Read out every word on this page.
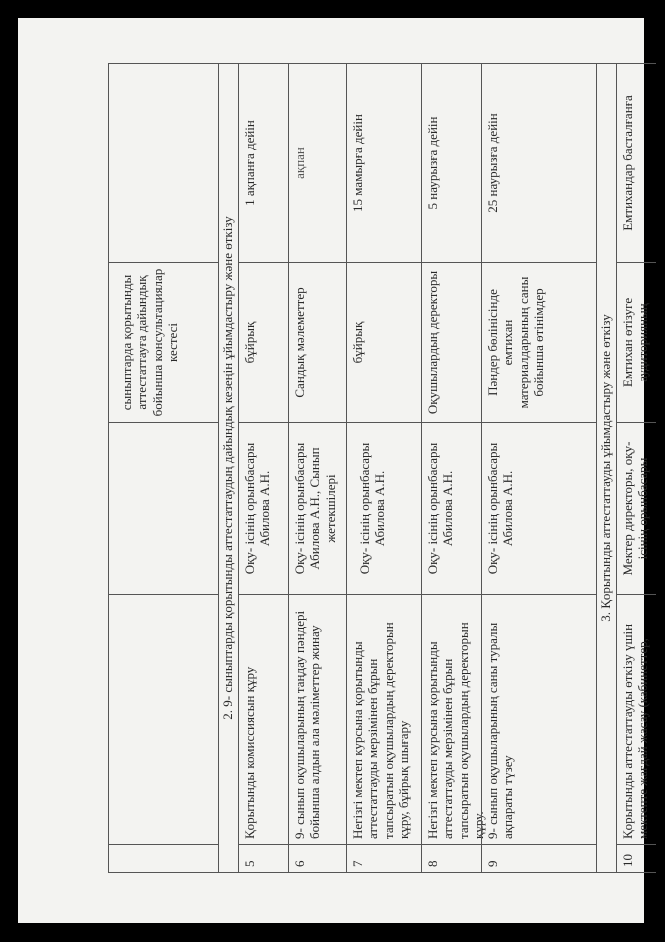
сыныптарда қорытынды аттестаттауға дайындық бойынша консультациялар кестесі	2. 9- сыныптарды қорытынды аттестаттаудың дайындық кезеңін ұйымдастыру және өткізу
5
Қорытынды комиссиясын құру
Оқу- ісінің орынбасары Абилова А.Н.
бұйрық
1 ақпанға дейін
6
9- сынып оқушыларының таңдау пәндері бойынша алдын ала мәліметтер жинау
Оқу- ісінің орынбасары Абилова А.Н., Сынып жетекшілері
Сандық мәлеметтер
ақпан
7
Негізгі мектеп курсына қорытынды аттестаттауды мерзімінен бұрын тапсыратын оқушылардың деректорын құру, бұйрық шығару
Оқу- ісінің орынбасары Абилова А.Н.
бұйрық
15 мамырға дейін
8
Негізгі мектеп курсына қорытынды аттестаттауды мерзімінен бұрын тапсыратын оқушылардың деректорын құру.
Оқу- ісінің орынбасары Абилова А.Н.
Оқушылардың деректоры
5 наурызға дейін
9
9- сынып оқушыларының саны туралы ақпараты түзеу
Оқу- ісінің орынбасары Абилова А.Н.
Пәндер бөлінісінде емтихан материалдарының саны бойынша өтінімдер
25 наурызға дейін
3. Қорытынды аттестаттауды ұйымдастыру және өткізу
10
Қорытынды аттестаттауды өткізу үшін мектепте жағдай жасау (кабинеттер,
Мектер директоры, оқу- ісінің орынбасары
Емтихан өтізуге аудиторияның
Емтихандар басталғанға
